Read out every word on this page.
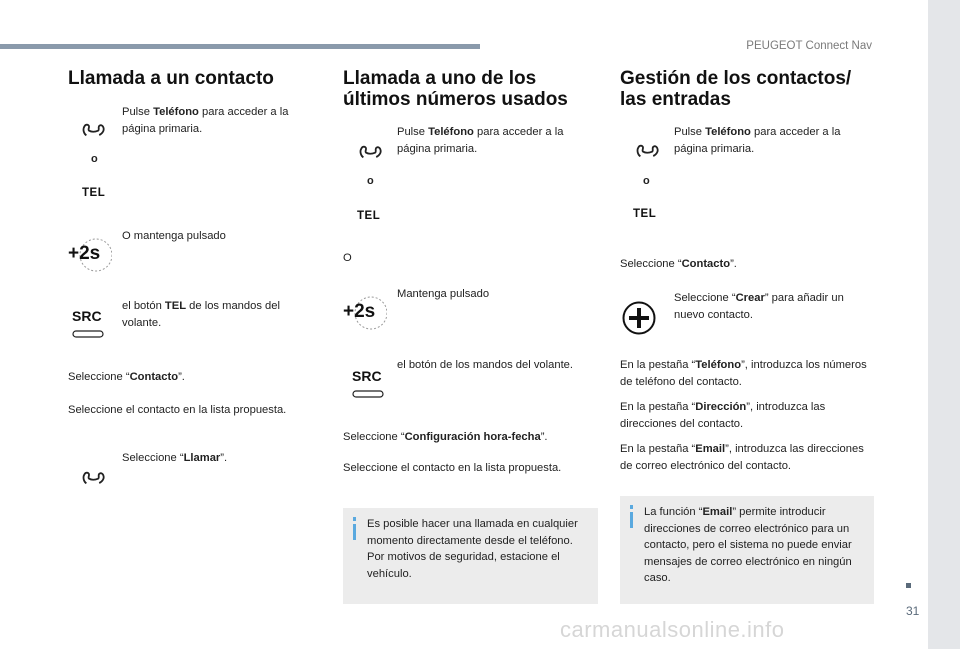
PEUGEOT Connect Nav
31
carmanualsonline.info
Llamada a un contacto

Pulse Teléfono para acceder a la página primaria.

o
TEL
+2s

O mantenga pulsado

SRC

el botón TEL de los mandos del volante.

Seleccione “Contacto”.

Seleccione el contacto en la lista propuesta.

Seleccione “Llamar”.

Llamada a uno de los
últimos números usados

Pulse Teléfono para acceder a la página primaria.

o
TEL

O

+2s

Mantenga pulsado

SRC

el botón de los mandos del volante.

Seleccione “Configuración hora-fecha”.

Seleccione el contacto en la lista propuesta.

Es posible hacer una llamada en cualquier momento directamente desde el teléfono. Por motivos de seguridad, estacione el vehículo.

Gestión de los contactos/
las entradas

Pulse Teléfono para acceder a la página primaria.

o
TEL

Seleccione “Contacto”.

Seleccione “Crear” para añadir un nuevo contacto.

En la pestaña “Teléfono”, introduzca los números de teléfono del contacto.

En la pestaña “Dirección”, introduzca las direcciones del contacto.

En la pestaña “Email”, introduzca las direcciones de correo electrónico del contacto.

La función “Email” permite introducir direcciones de correo electrónico para un contacto, pero el sistema no puede enviar mensajes de correo electrónico en ningún caso.
